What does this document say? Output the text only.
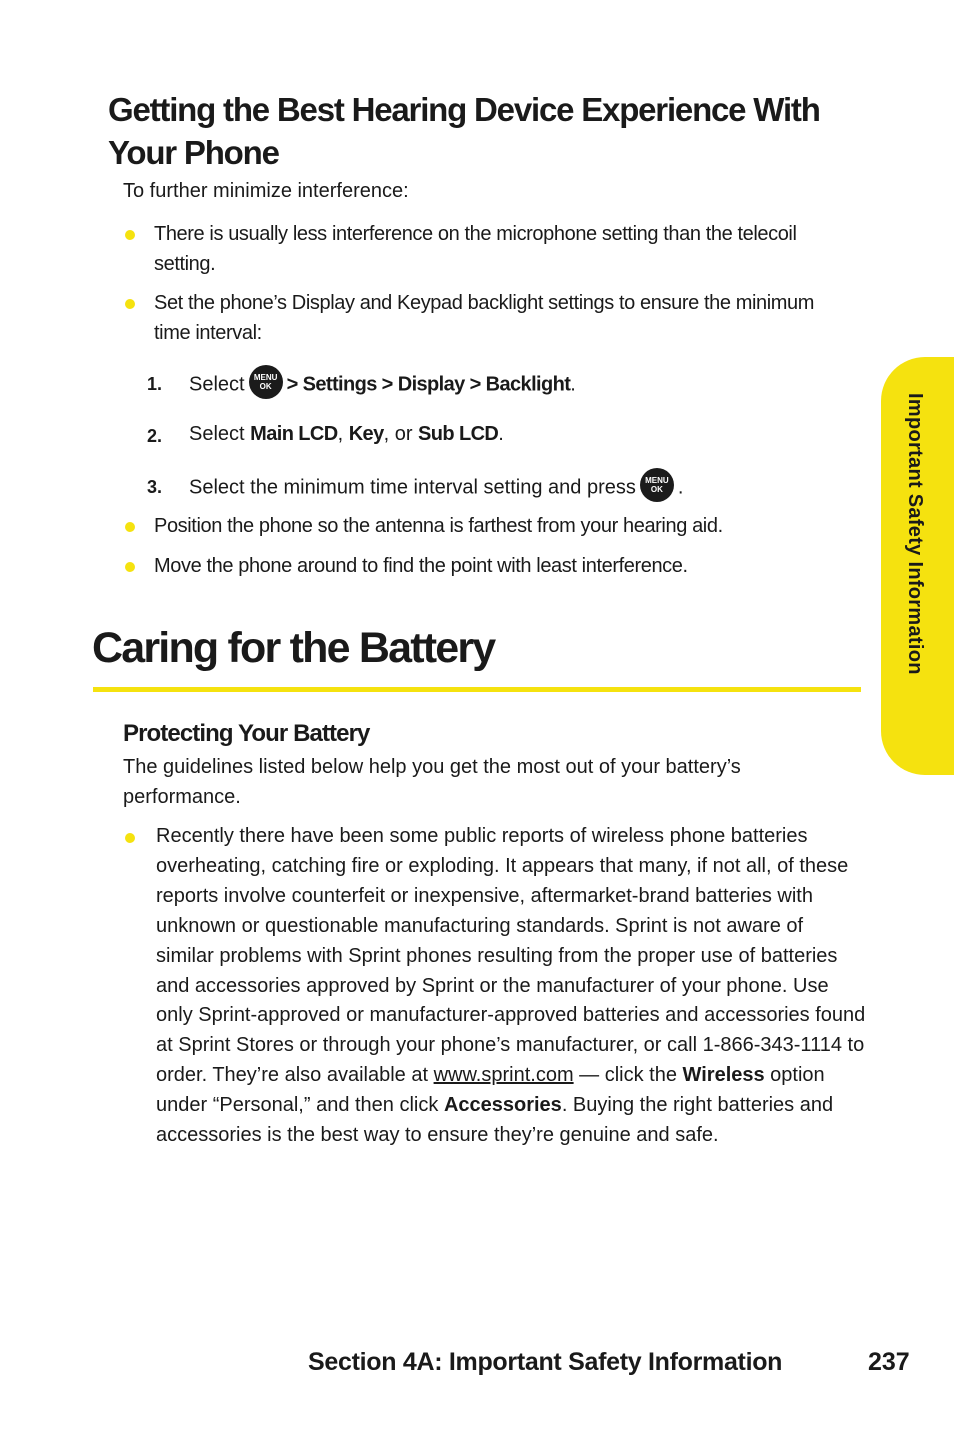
Getting the Best Hearing Device Experience With Your Phone
To further minimize interference:
There is usually less interference on the microphone setting than the telecoil setting.
Set the phone’s Display and Keypad backlight settings to ensure the minimum time interval:
1. Select MENU
OK > Settings > Display > Backlight.
2. Select Main LCD, Key, or Sub LCD.
3. Select the minimum time interval setting and press MENU
OK .
Position the phone so the antenna is farthest from your hearing aid.
Move the phone around to find the point with least interference.
Caring for the Battery
Protecting Your Battery
The guidelines listed below help you get the most out of your battery’s performance.
Recently there have been some public reports of wireless phone batteries overheating, catching fire or exploding. It appears that many, if not all, of these reports involve counterfeit or inexpensive, aftermarket-brand batteries with unknown or questionable manufacturing standards. Sprint is not aware of similar problems with Sprint phones resulting from the proper use of batteries and accessories approved by Sprint or the manufacturer of your phone. Use only Sprint-approved or manufacturer-approved batteries and accessories found at Sprint Stores or through your phone’s manufacturer, or call 1-866-343-1114 to order. They’re also available at www.sprint.com — click the Wireless option under “Personal,” and then click Accessories. Buying the right batteries and accessories is the best way to ensure they’re genuine and safe.
Important Safety Information
Section 4A: Important Safety Information	237
